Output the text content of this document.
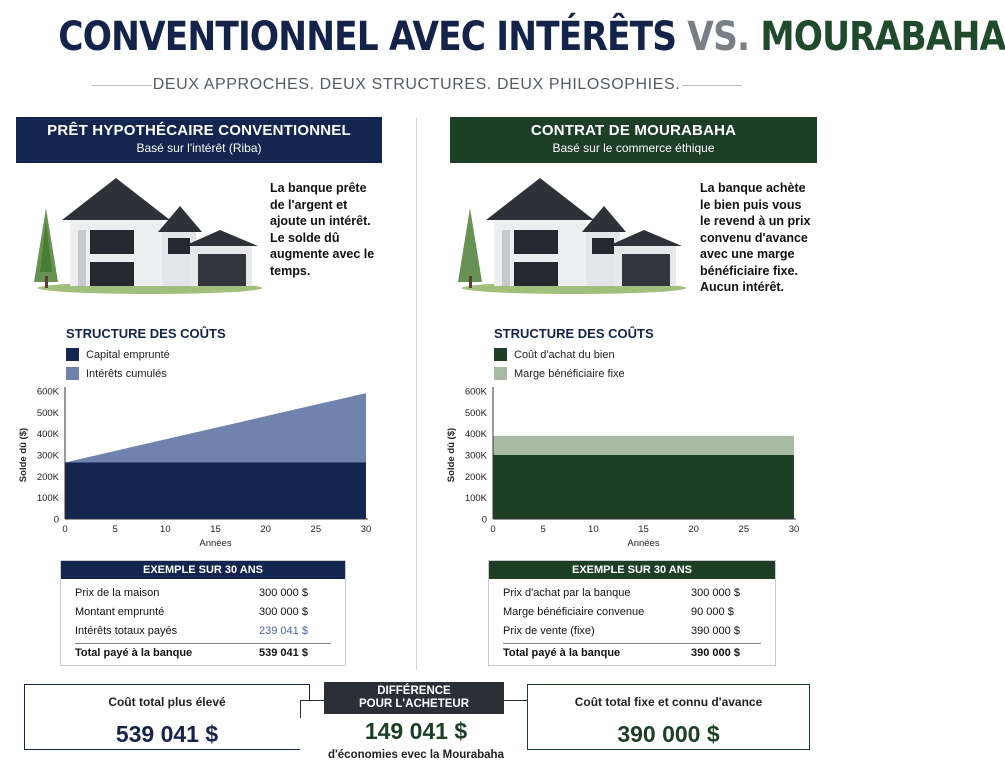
CONVENTIONNEL AVEC INTÉRÊTS VS. MOURABAHA
DEUX APPROCHES. DEUX STRUCTURES. DEUX PHILOSOPHIES.
PRÊT HYPOTHÉCAIRE CONVENTIONNEL
Basé sur l'intérêt (Riba)
La banque prête de l'argent et ajoute un intérêt. Le solde dû augmente avec le temps.
STRUCTURE DES COÛTS
Capital emprunté
Intérêts cumulés
0
100K
200K
300K
400K
500K
600K
0	5	10	15	20	25	30
Années
Solde dû ($)
EXEMPLE SUR 30 ANS
Prix de la maison	300 000 $
Montant emprunté	300 000 $
Intérêts totaux payés	239 041 $
Total payé à la banque	539 041 $
CONTRAT DE MOURABAHA
Basé sur le commerce éthique
La banque achète le bien puis vous le revend à un prix convenu d'avance avec une marge bénéficiaire fixe. Aucun intérêt.
STRUCTURE DES COÛTS
Coût d'achat du bien
Marge bénéficiaire fixe
0
100K
200K
300K
400K
500K
600K
0	5	10	15	20	25	30
Années
Solde dû ($)
EXEMPLE SUR 30 ANS
Prix d'achat par la banque	300 000 $
Marge bénéficiaire convenue	90 000 $
Prix de vente (fixe)	390 000 $
Total payé à la banque	390 000 $
Coût total plus élevé
539 041 $
DIFFÉRENCE
POUR L'ACHETEUR
149 041 $
d'économies evec la Mourabaha
Coût total fixe et connu d'avance
390 000 $
